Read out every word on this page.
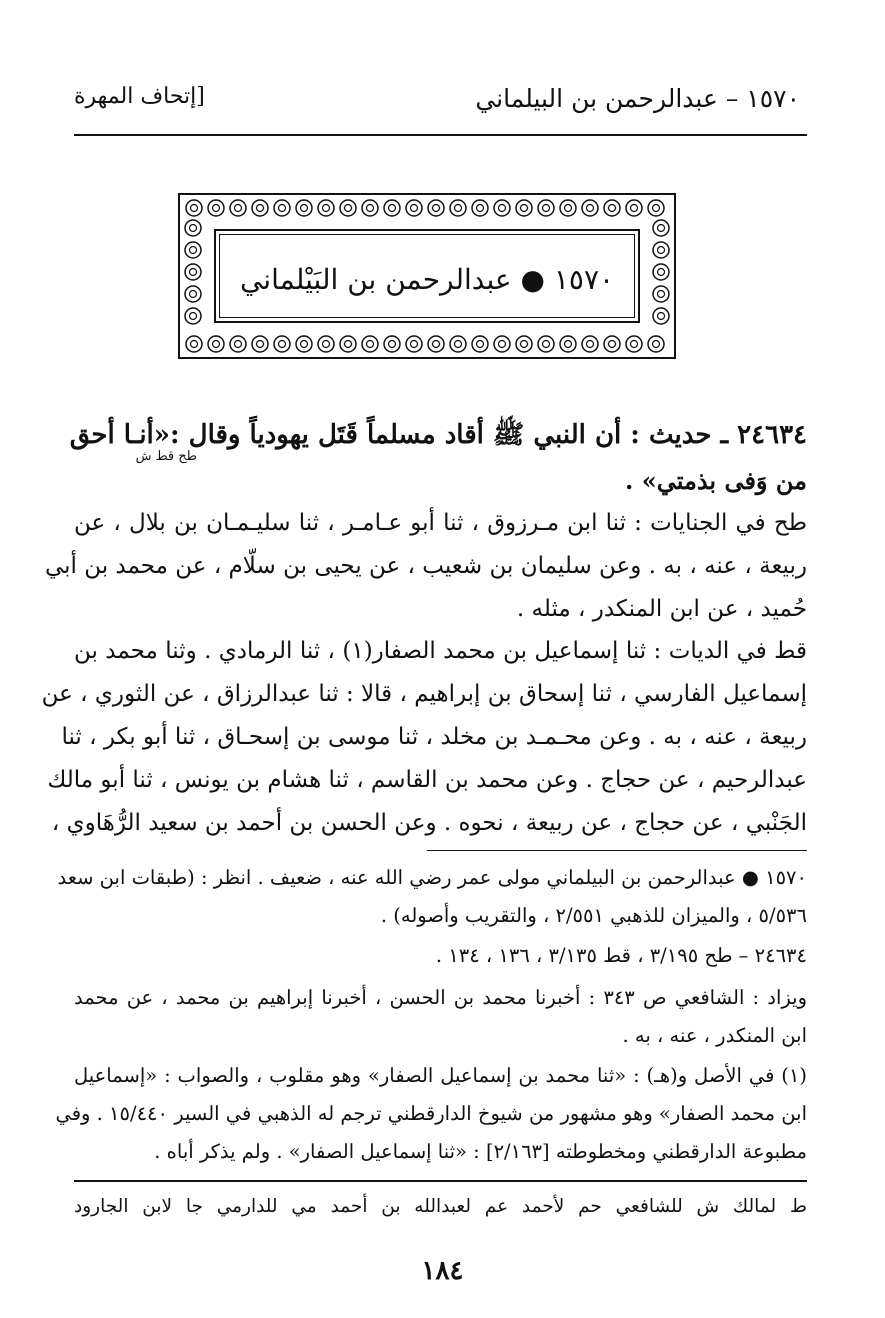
١٥٧٠ – عبدالرحمن بن البيلماني
[إتحاف المهرة
١٥٧٠ ● عبدالرحمن بن البَيْلماني
٢٤٦٣٤ ـ حديث : أن النبي ﷺ أقاد مسلماً قَتَل يهودياً وقال :«أنـا أحق
طح قط ش
من وَفى بذمتي» .
طح في الجنايات : ثنا ابن مـرزوق ، ثنا أبو عـامـر ، ثنا سليـمـان بن بلال ، عن
ربيعة ، عنه ، به . وعن سليمان بن شعيب ، عن يحيى بن سلّام ، عن محمد بن أبي
حُميد ، عن ابن المنكدر ، مثله .
قط في الديات : ثنا إسماعيل بن محمد الصفار(١) ، ثنا الرمادي . وثنا محمد بن
إسماعيل الفارسي ، ثنا إسحاق بن إبراهيم ، قالا : ثنا عبدالرزاق ، عن الثوري ، عن
ربيعة ، عنه ، به . وعن محـمـد بن مخلد ، ثنا موسى بن إسحـاق ، ثنا أبو بكر ، ثنا
عبدالرحيم ، عن حجاج . وعن محمد بن القاسم ، ثنا هشام بن يونس ، ثنا أبو مالك
الجَنْبي ، عن حجاج ، عن ربيعة ، نحوه . وعن الحسن بن أحمد بن سعيد الرُّهَاوي ،
١٥٧٠ ● عبدالرحمن بن البيلماني مولى عمر رضي الله عنه ، ضعيف . انظر : (طبقات ابن سعد
٥/٥٣٦ ، والميزان للذهبي ٢/٥٥١ ، والتقريب وأصوله) .
٢٤٦٣٤ – طح ٣/١٩٥ ، قط ٣/١٣٥ ، ١٣٦ ، ١٣٤ .
ويزاد : الشافعي ص ٣٤٣ : أخبرنا محمد بن الحسن ، أخبرنا إبراهيم بن محمد ، عن محمد
ابن المنكدر ، عنه ، به .
(١) في الأصل و(هـ) : «ثنا محمد بن إسماعيل الصفار» وهو مقلوب ، والصواب : «إسماعيل
ابن محمد الصفار» وهو مشهور من شيوخ الدارقطني ترجم له الذهبي في السير ١٥/٤٤٠ . وفي
مطبوعة الدارقطني ومخطوطته [٢/١٦٣] : «ثنا إسماعيل الصفار» . ولم يذكر أباه .
ط لمالك ش للشافعي حم لأحمد عم لعبدالله بن أحمد مي للدارمي جا لابن الجارود
١٨٤
